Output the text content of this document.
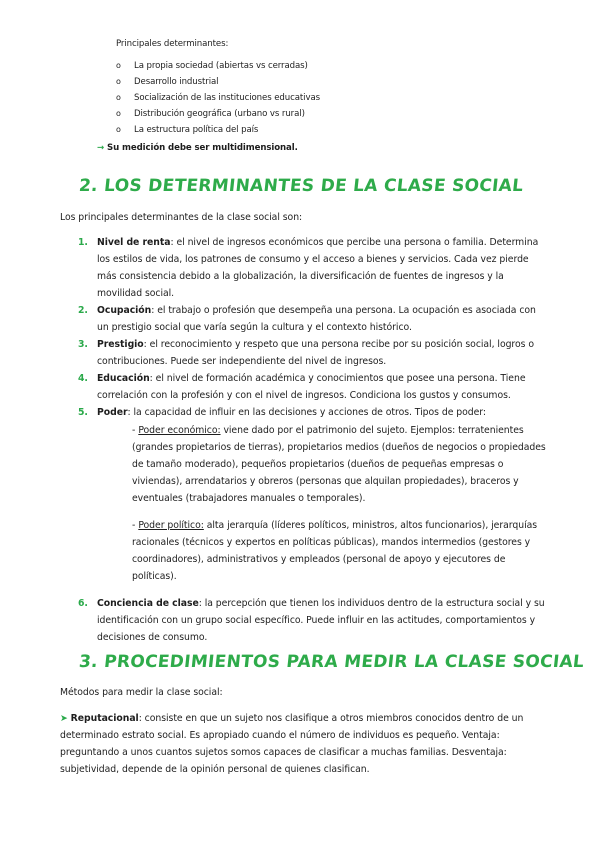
Principales determinantes:
o	La propia sociedad (abiertas vs cerradas)
o	Desarrollo industrial
o	Socialización de las instituciones educativas
o	Distribución geográfica (urbano vs rural)
o	La estructura política del país
→ Su medición debe ser multidimensional.
2. LOS DETERMINANTES DE LA CLASE SOCIAL
Los principales determinantes de la clase social son:
1. Nivel de renta: el nivel de ingresos económicos que percibe una persona o familia. Determina los estilos de vida, los patrones de consumo y el acceso a bienes y servicios. Cada vez pierde más consistencia debido a la globalización, la diversificación de fuentes de ingresos y la movilidad social.
2. Ocupación: el trabajo o profesión que desempeña una persona. La ocupación es asociada con un prestigio social que varía según la cultura y el contexto histórico.
3. Prestigio: el reconocimiento y respeto que una persona recibe por su posición social, logros o contribuciones. Puede ser independiente del nivel de ingresos.
4. Educación: el nivel de formación académica y conocimientos que posee una persona. Tiene correlación con la profesión y con el nivel de ingresos. Condiciona los gustos y consumos.
5. Poder: la capacidad de influir en las decisiones y acciones de otros. Tipos de poder:
- Poder económico: viene dado por el patrimonio del sujeto. Ejemplos: terratenientes (grandes propietarios de tierras), propietarios medios (dueños de negocios o propiedades de tamaño moderado), pequeños propietarios (dueños de pequeñas empresas o viviendas), arrendatarios y obreros (personas que alquilan propiedades), braceros y eventuales (trabajadores manuales o temporales).
- Poder político: alta jerarquía (líderes políticos, ministros, altos funcionarios), jerarquías racionales (técnicos y expertos en políticas públicas), mandos intermedios (gestores y coordinadores), administrativos y empleados (personal de apoyo y ejecutores de políticas).
6. Conciencia de clase: la percepción que tienen los individuos dentro de la estructura social y su identificación con un grupo social específico. Puede influir en las actitudes, comportamientos y decisiones de consumo.
3. PROCEDIMIENTOS PARA MEDIR LA CLASE SOCIAL
Métodos para medir la clase social:
➤ Reputacional: consiste en que un sujeto nos clasifique a otros miembros conocidos dentro de un determinado estrato social. Es apropiado cuando el número de individuos es pequeño. Ventaja: preguntando a unos cuantos sujetos somos capaces de clasificar a muchas familias. Desventaja: subjetividad, depende de la opinión personal de quienes clasifican.
